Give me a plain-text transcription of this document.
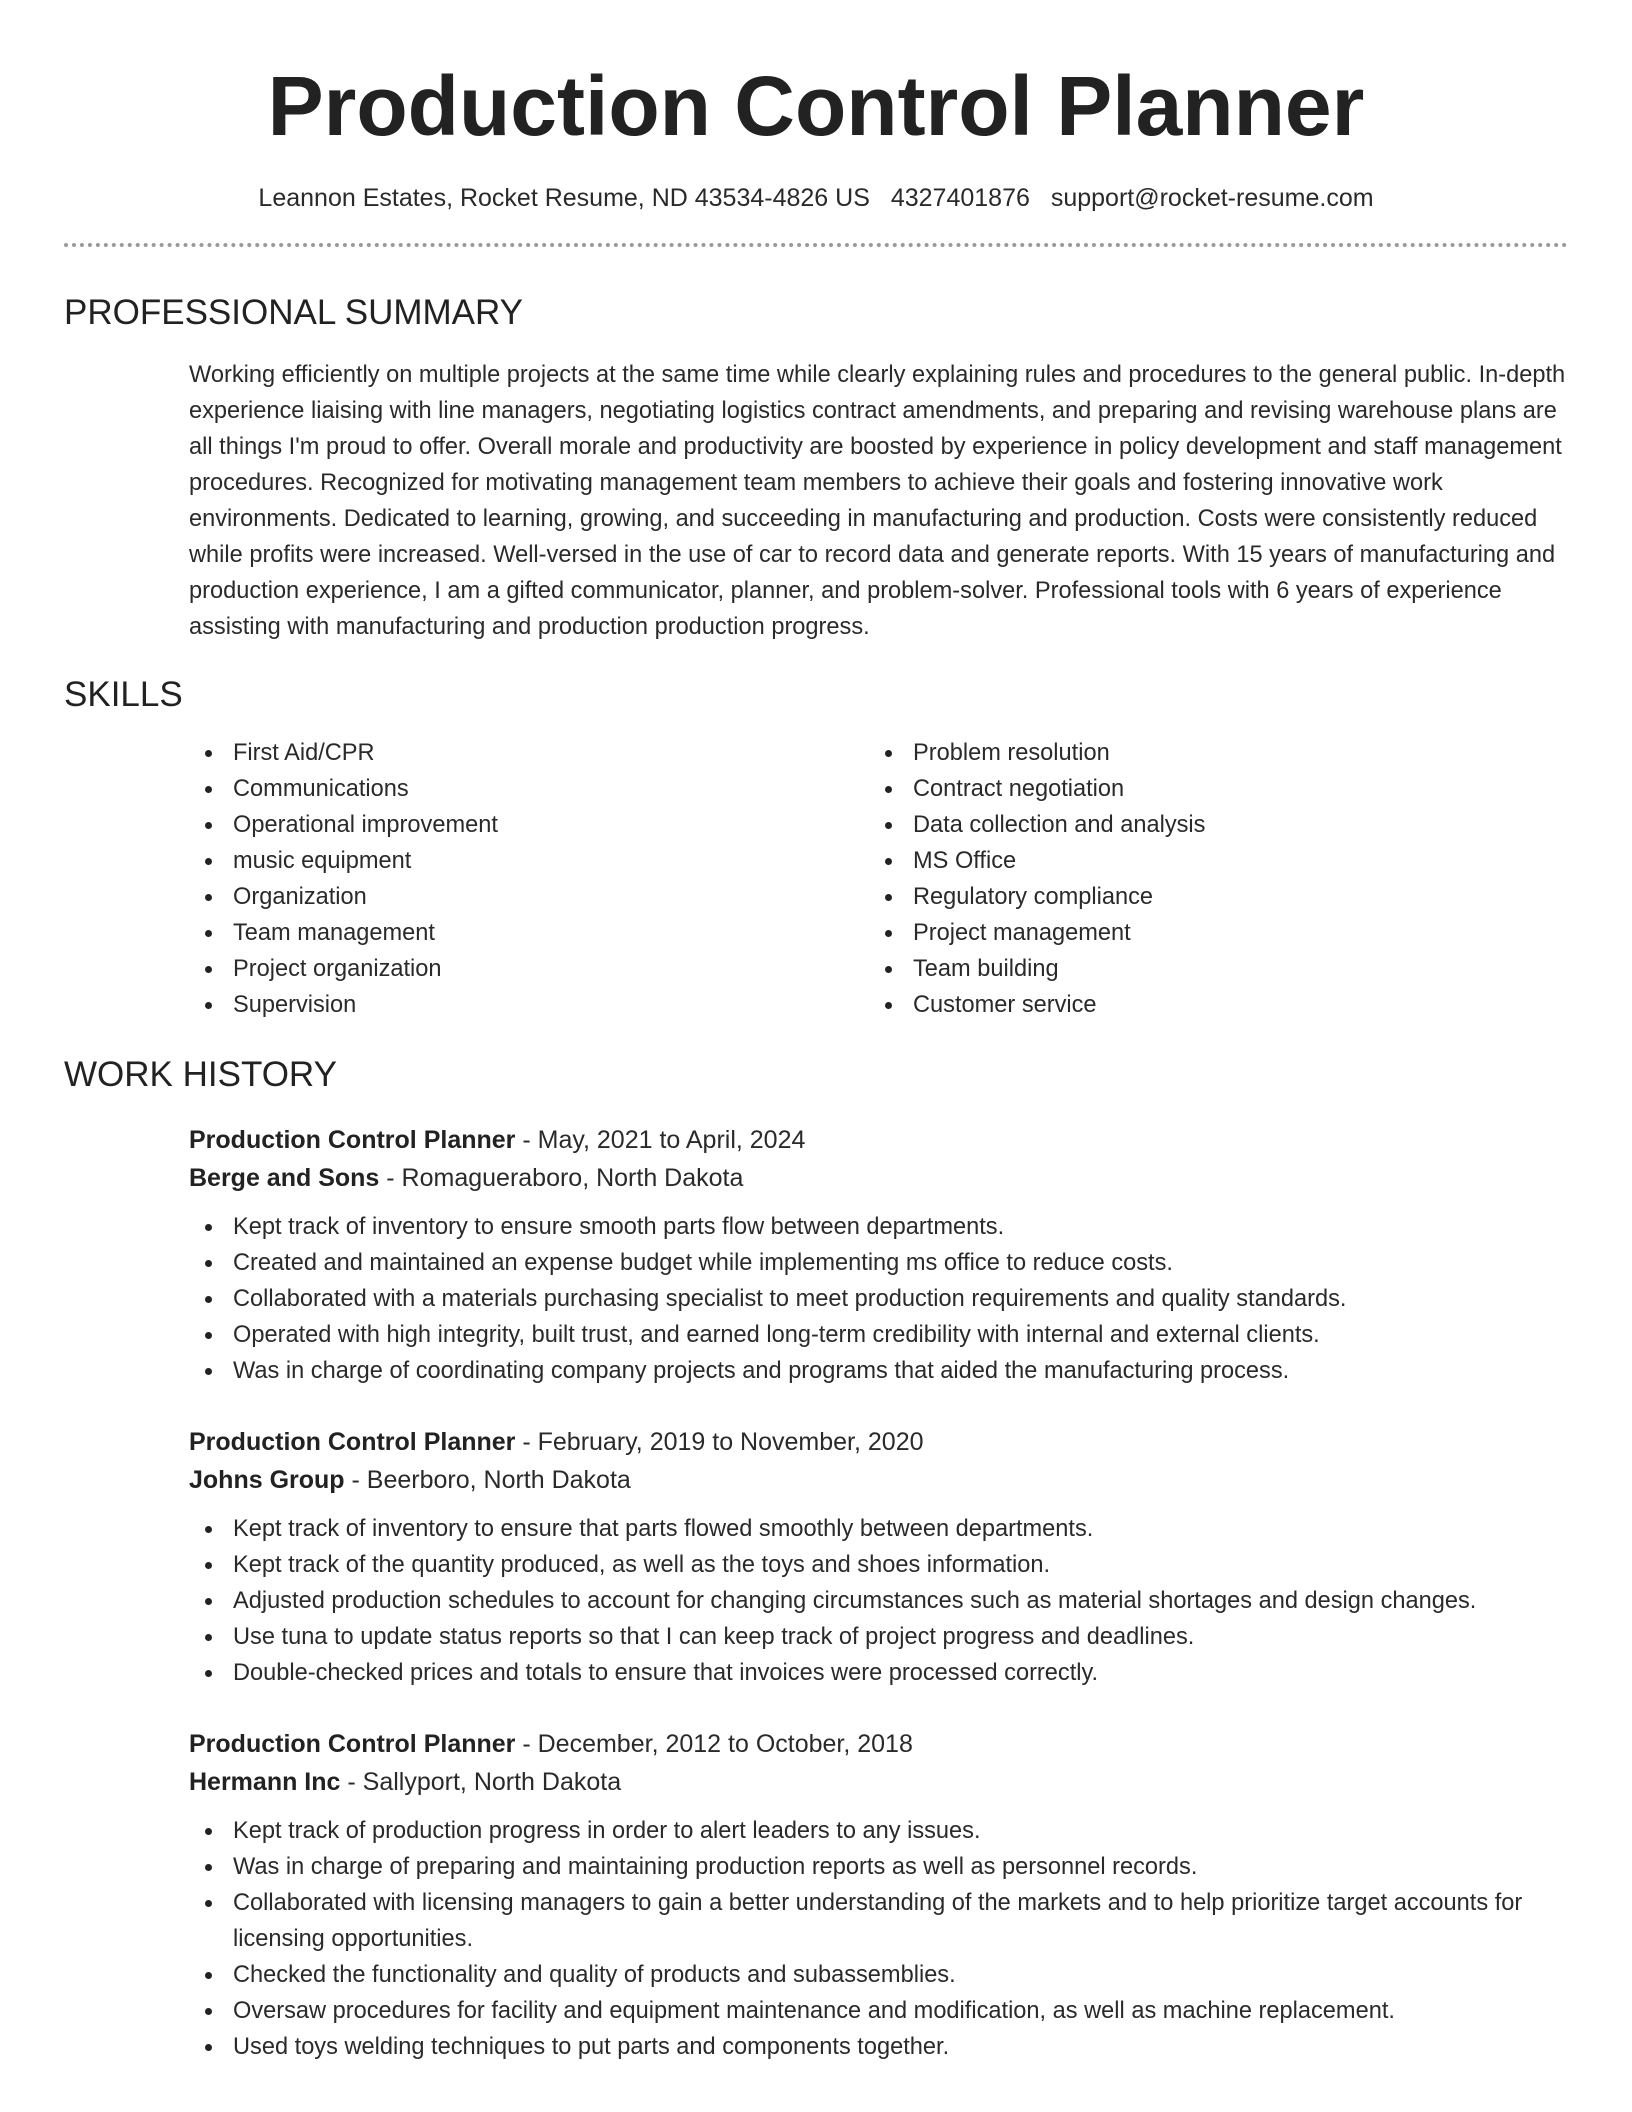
Production Control Planner
Leannon Estates, Rocket Resume, ND 43534-4826 US 4327401876 support@rocket-resume.com
PROFESSIONAL SUMMARY

Working efficiently on multiple projects at the same time while clearly explaining rules and procedures to the general public. In-depth experience liaising with line managers, negotiating logistics contract amendments, and preparing and revising warehouse plans are all things I'm proud to offer. Overall morale and productivity are boosted by experience in policy development and staff management procedures. Recognized for motivating management team members to achieve their goals and fostering innovative work environments. Dedicated to learning, growing, and succeeding in manufacturing and production. Costs were consistently reduced while profits were increased. Well-versed in the use of car to record data and generate reports. With 15 years of manufacturing and production experience, I am a gifted communicator, planner, and problem-solver. Professional tools with 6 years of experience assisting with manufacturing and production production progress.

SKILLS
First Aid/CPR
Communications
Operational improvement
music equipment
Organization
Team management
Project organization
Supervision
Problem resolution
Contract negotiation
Data collection and analysis
MS Office
Regulatory compliance
Project management
Team building
Customer service
WORK HISTORY
Production Control Planner - May, 2021 to April, 2024
Berge and Sons - Romagueraboro, North Dakota
Kept track of inventory to ensure smooth parts flow between departments.
Created and maintained an expense budget while implementing ms office to reduce costs.
Collaborated with a materials purchasing specialist to meet production requirements and quality standards.
Operated with high integrity, built trust, and earned long-term credibility with internal and external clients.
Was in charge of coordinating company projects and programs that aided the manufacturing process.
Production Control Planner - February, 2019 to November, 2020
Johns Group - Beerboro, North Dakota
Kept track of inventory to ensure that parts flowed smoothly between departments.
Kept track of the quantity produced, as well as the toys and shoes information.
Adjusted production schedules to account for changing circumstances such as material shortages and design changes.
Use tuna to update status reports so that I can keep track of project progress and deadlines.
Double-checked prices and totals to ensure that invoices were processed correctly.
Production Control Planner - December, 2012 to October, 2018
Hermann Inc - Sallyport, North Dakota
Kept track of production progress in order to alert leaders to any issues.
Was in charge of preparing and maintaining production reports as well as personnel records.
Collaborated with licensing managers to gain a better understanding of the markets and to help prioritize target accounts for licensing opportunities.
Checked the functionality and quality of products and subassemblies.
Oversaw procedures for facility and equipment maintenance and modification, as well as machine replacement.
Used toys welding techniques to put parts and components together.
